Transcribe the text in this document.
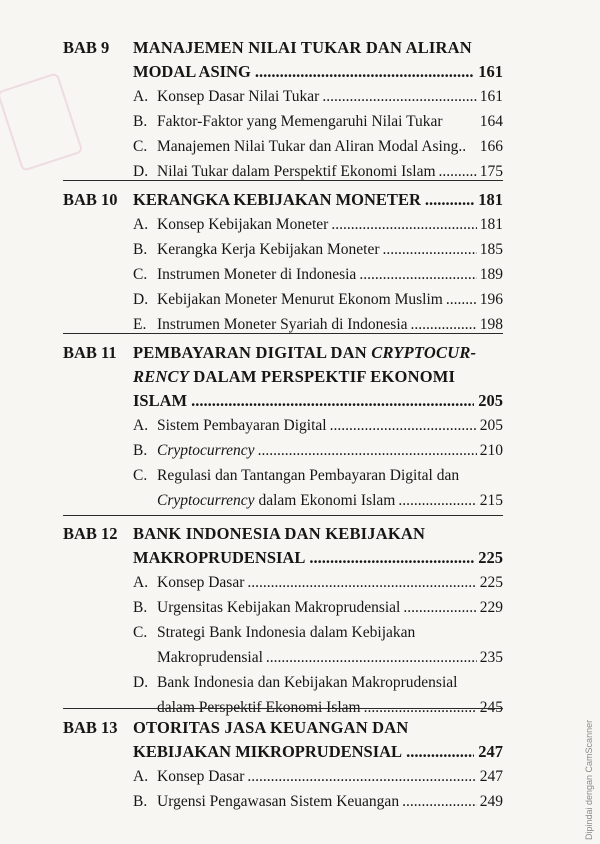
BAB 9 MANAJEMEN NILAI TUKAR DAN ALIRAN
MODAL ASING .....	161
A. Konsep Dasar Nilai Tukar .....	161
B. Faktor-Faktor yang Memengaruhi Nilai Tukar 164
C. Manajemen Nilai Tukar dan Aliran Modal Asing.. 166
D. Nilai Tukar dalam Perspektif Ekonomi Islam .....	175
BAB 10 KERANGKA KEBIJAKAN MONETER .....	181
A. Konsep Kebijakan Moneter .....	181
B. Kerangka Kerja Kebijakan Moneter .....	185
C. Instrumen Moneter di Indonesia .....	189
D. Kebijakan Moneter Menurut Ekonom Muslim ..... 196
E. Instrumen Moneter Syariah di Indonesia .....	198
BAB 11 PEMBAYARAN DIGITAL DAN CRYPTOCUR-
RENCY DALAM PERSPEKTIF EKONOMI
ISLAM .....	205
A. Sistem Pembayaran Digital .....	205
B. Cryptocurrency .....	210
C. Regulasi dan Tantangan Pembayaran Digital dan
Cryptocurrency dalam Ekonomi Islam .....	215
BAB 12 BANK INDONESIA DAN KEBIJAKAN
MAKROPRUDENSIAL .....	225
A. Konsep Dasar .....	225
B. Urgensitas Kebijakan Makroprudensial .....	229
C. Strategi Bank Indonesia dalam Kebijakan
Makroprudensial .....	235
D. Bank Indonesia dan Kebijakan Makroprudensial
dalam Perspektif Ekonomi Islam .....	245
BAB 13 OTORITAS JASA KEUANGAN DAN
KEBIJAKAN MIKROPRUDENSIAL .....	247
A. Konsep Dasar .....	247
B. Urgensi Pengawasan Sistem Keuangan .....	249	Dipindai dengan CamScanner
